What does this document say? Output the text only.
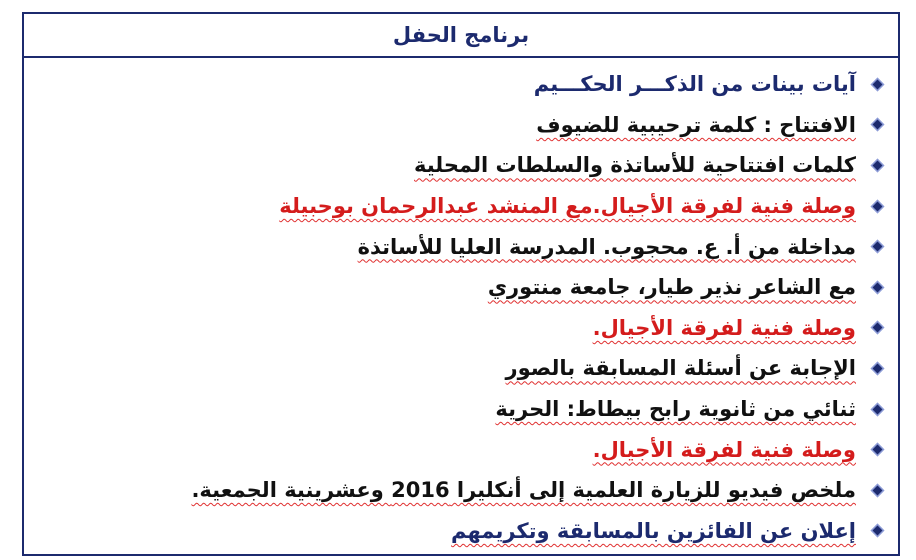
برنامج الحفل
آيات بينات من الذكـــر الحكـــيم
الافتتاح : كلمة ترحيبية للضيوف
كلمات افتتاحية للأساتذة والسلطات المحلية
وصلة فنية لفرقة الأجيال.مع المنشد عبدالرحمان بوحبيلة
مداخلة من أ. ع. محجوب. المدرسة العليا للأساتذة
مع الشاعر نذير طيار، جامعة منتوري
وصلة فنية لفرقة الأجيال.
الإجابة عن أسئلة المسابقة بالصور
ثنائي من ثانوية رابح بيطاط: الحرية
وصلة فنية لفرقة الأجيال.
ملخص فيديو للزيارة العلمية إلى أنكليرا 2016 وعشرينية الجمعية.
إعلان عن الفائزين بالمسابقة وتكريمهم
